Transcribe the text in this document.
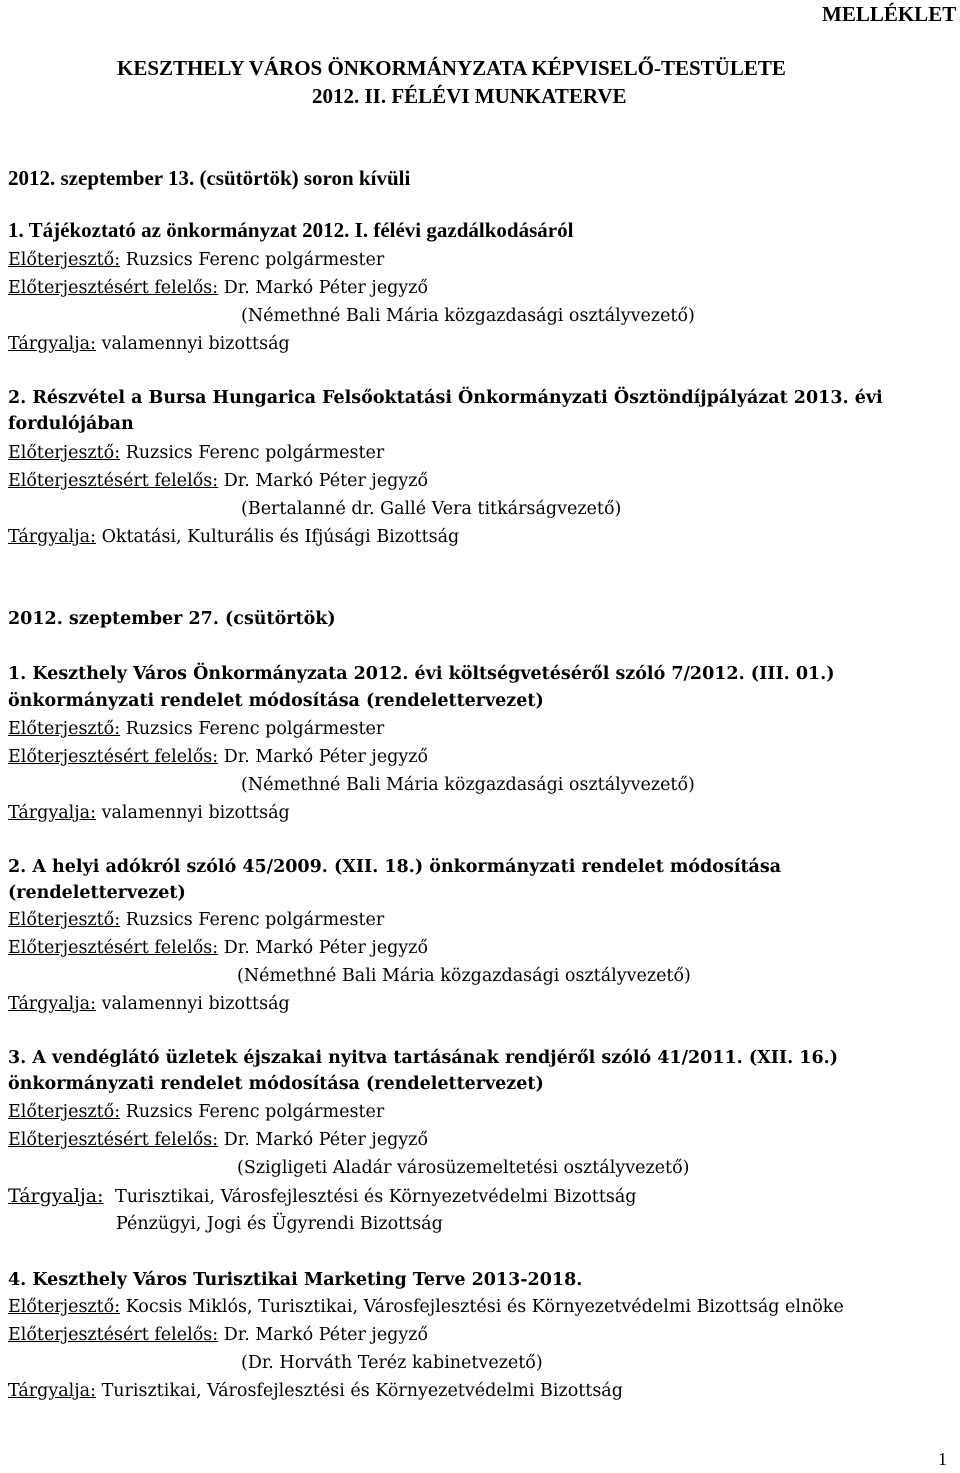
MELLÉKLET
KESZTHELY VÁROS ÖNKORMÁNYZATA KÉPVISELŐ-TESTÜLETE
2012. II. FÉLÉVI MUNKATERVE
2012. szeptember 13. (csütörtök) soron kívüli
1. Tájékoztató az önkormányzat 2012. I. félévi gazdálkodásáról
Előterjesztő: Ruzsics Ferenc polgármester
Előterjesztésért felelős: Dr. Markó Péter jegyző
(Némethné Bali Mária közgazdasági osztályvezető)
Tárgyalja: valamennyi bizottság
2. Részvétel a Bursa Hungarica Felsőoktatási Önkormányzati Ösztöndíjpályázat 2013. évi
fordulójában
Előterjesztő: Ruzsics Ferenc polgármester
Előterjesztésért felelős: Dr. Markó Péter jegyző
(Bertalanné dr. Gallé Vera titkárságvezető)
Tárgyalja: Oktatási, Kulturális és Ifjúsági Bizottság
2012. szeptember 27. (csütörtök)
1. Keszthely Város Önkormányzata 2012. évi költségvetéséről szóló 7/2012. (III. 01.)
önkormányzati rendelet módosítása (rendelettervezet)
Előterjesztő: Ruzsics Ferenc polgármester
Előterjesztésért felelős: Dr. Markó Péter jegyző
(Némethné Bali Mária közgazdasági osztályvezető)
Tárgyalja: valamennyi bizottság
2. A helyi adókról szóló 45/2009. (XII. 18.) önkormányzati rendelet módosítása
(rendelettervezet)
Előterjesztő: Ruzsics Ferenc polgármester
Előterjesztésért felelős: Dr. Markó Péter jegyző
(Némethné Bali Mária közgazdasági osztályvezető)
Tárgyalja: valamennyi bizottság
3. A vendéglátó üzletek éjszakai nyitva tartásának rendjéről szóló 41/2011. (XII. 16.)
önkormányzati rendelet módosítása (rendelettervezet)
Előterjesztő: Ruzsics Ferenc polgármester
Előterjesztésért felelős: Dr. Markó Péter jegyző
(Szigligeti Aladár városüzemeltetési osztályvezető)
Tárgyalja: Turisztikai, Városfejlesztési és Környezetvédelmi Bizottság
Pénzügyi, Jogi és Ügyrendi Bizottság
4. Keszthely Város Turisztikai Marketing Terve 2013-2018.
Előterjesztő: Kocsis Miklós, Turisztikai, Városfejlesztési és Környezetvédelmi Bizottság elnöke
Előterjesztésért felelős: Dr. Markó Péter jegyző
(Dr. Horváth Teréz kabinetvezető)
Tárgyalja: Turisztikai, Városfejlesztési és Környezetvédelmi Bizottság
1
